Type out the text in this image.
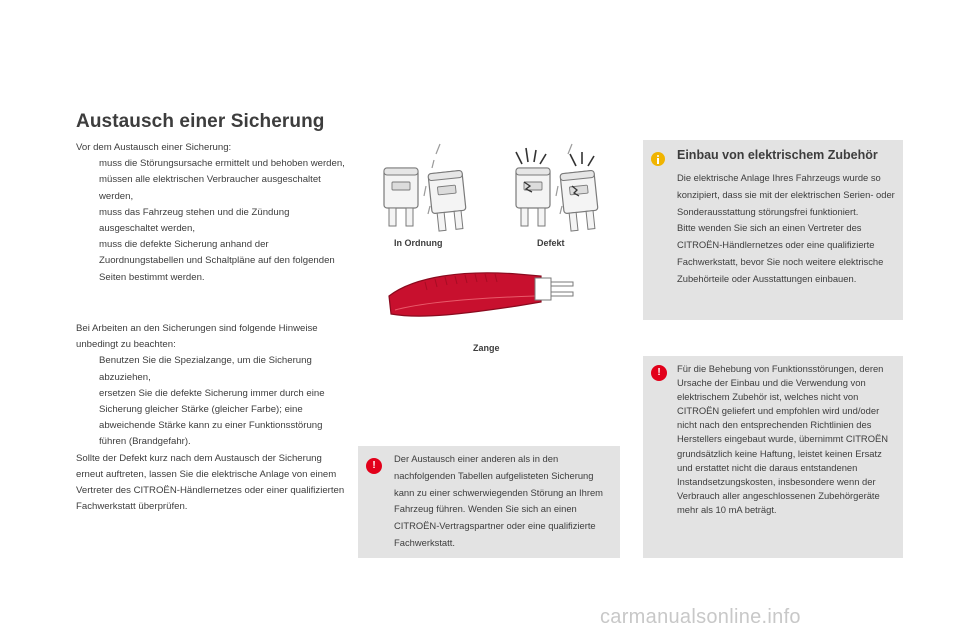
Austausch einer Sicherung

Vor dem Austausch einer Sicherung:

muss die Störungsursache ermittelt und behoben werden,
müssen alle elektrischen Verbraucher ausgeschaltet werden,
muss das Fahrzeug stehen und die Zündung ausgeschaltet werden,
muss die defekte Sicherung anhand der Zuordnungstabellen und Schaltpläne auf den folgenden Seiten bestimmt werden.

Bei Arbeiten an den Sicherungen sind folgende Hinweise unbedingt zu beachten:

Benutzen Sie die Spezialzange, um die Sicherung abzuziehen,
ersetzen Sie die defekte Sicherung immer durch eine Sicherung gleicher Stärke (gleicher Farbe); eine abweichende Stärke kann zu einer Funktionsstörung führen (Brandgefahr).

Sollte der Defekt kurz nach dem Austausch der Sicherung erneut auftreten, lassen Sie die elektrische Anlage von einem Vertreter des CITROËN-Händlernetzes oder einer qualifizierten Fachwerkstatt überprüfen.

In Ordnung	Defekt
Zange
!
Der Austausch einer anderen als in den nachfolgenden Tabellen aufgelisteten Sicherung kann zu einer schwerwiegenden Störung an Ihrem Fahrzeug führen. Wenden Sie sich an einen CITROËN-Vertragspartner oder eine qualifizierte Fachwerkstatt.
Einbau von elektrischem Zubehör
Die elektrische Anlage Ihres Fahrzeugs wurde so konzipiert, dass sie mit der elektrischen Serien- oder Sonderausstattung störungsfrei funktioniert.
Bitte wenden Sie sich an einen Vertreter des CITROËN-Händlernetzes oder eine qualifizierte Fachwerkstatt, bevor Sie noch weitere elektrische Zubehörteile oder Ausstattungen einbauen.
!	Für die Behebung von Funktionsstörungen, deren Ursache der Einbau und die Verwendung von elektrischem Zubehör ist, welches nicht von CITROËN geliefert und empfohlen wird und/oder nicht nach den entsprechenden Richtlinien des Herstellers eingebaut wurde, übernimmt CITROËN grundsätzlich keine Haftung, leistet keinen Ersatz und erstattet nicht die daraus entstandenen Instandsetzungskosten, insbesondere wenn der Verbrauch aller angeschlossenen Zubehörgeräte mehr als 10 mA beträgt.
carmanualsonline.info
